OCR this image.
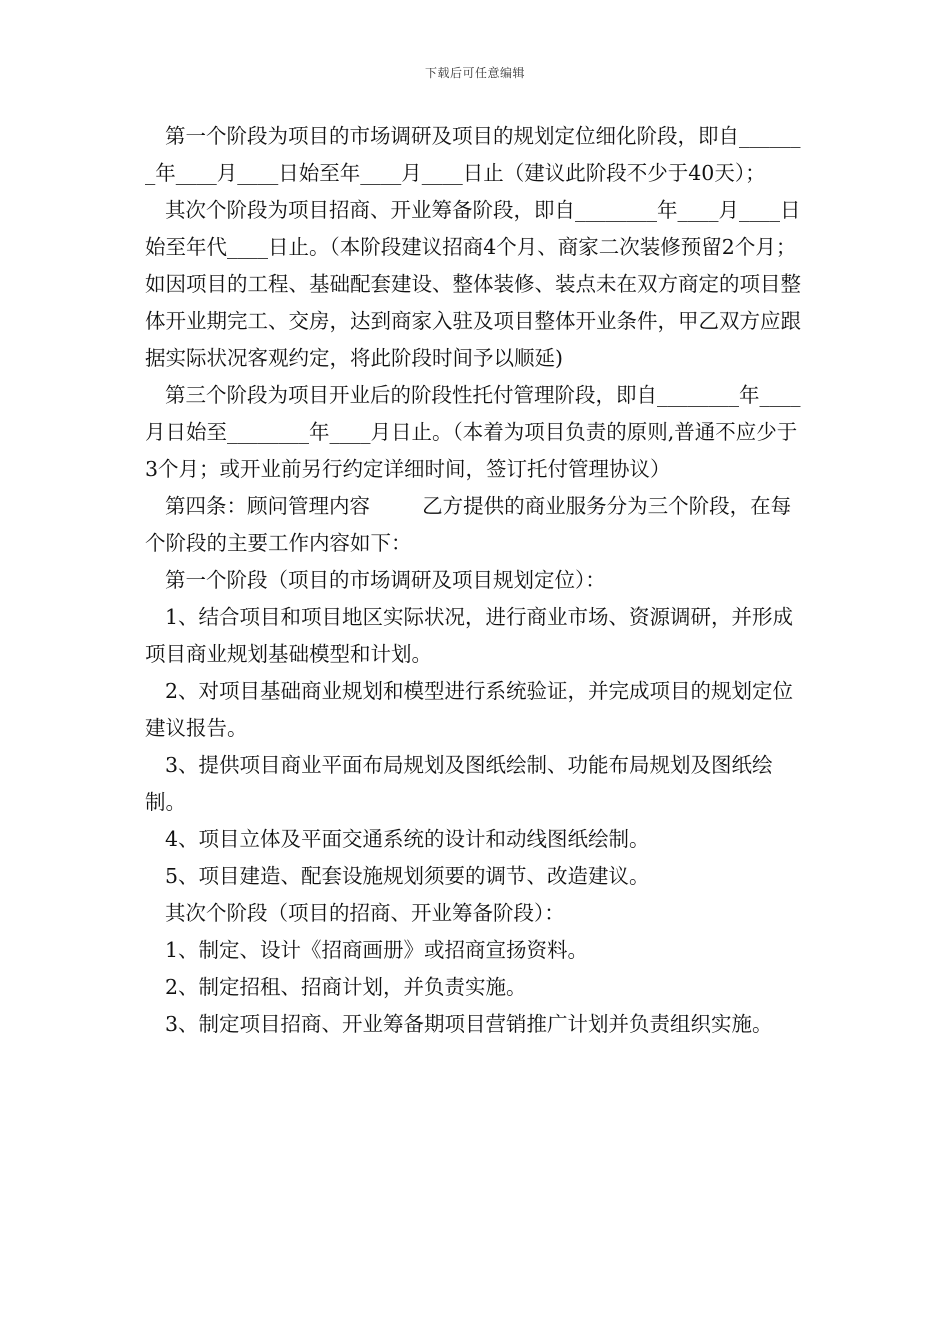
下载后可任意编辑

第一个阶段为项目的市场调研及项目的规划定位细化阶段，即自_______年____月____日始至年____月____日止（建议此阶段不少于40天）；

其次个阶段为项目招商、开业筹备阶段，即自________年____月____日始至年代____日止。（本阶段建议招商4个月、商家二次装修预留2个月；如因项目的工程、基础配套建设、整体装修、装点未在双方商定的项目整体开业期完工、交房，达到商家入驻及项目整体开业条件，甲乙双方应跟据实际状况客观约定，将此阶段时间予以顺延)

第三个阶段为项目开业后的阶段性托付管理阶段，即自________年____月日始至________年____月日止。（本着为项目负责的原则,普通不应少于3个月；或开业前另行约定详细时间，签订托付管理协议）

第四条：顾问管理内容        乙方提供的商业服务分为三个阶段，在每个阶段的主要工作内容如下：

第一个阶段（项目的市场调研及项目规划定位）：

1、结合项目和项目地区实际状况，进行商业市场、资源调研，并形成项目商业规划基础模型和计划。

2、对项目基础商业规划和模型进行系统验证，并完成项目的规划定位建议报告。

3、提供项目商业平面布局规划及图纸绘制、功能布局规划及图纸绘制。

4、项目立体及平面交通系统的设计和动线图纸绘制。

5、项目建造、配套设施规划须要的调节、改造建议。

其次个阶段（项目的招商、开业筹备阶段）：

1、制定、设计《招商画册》或招商宣扬资料。

2、制定招租、招商计划，并负责实施。

3、制定项目招商、开业筹备期项目营销推广计划并负责组织实施。
